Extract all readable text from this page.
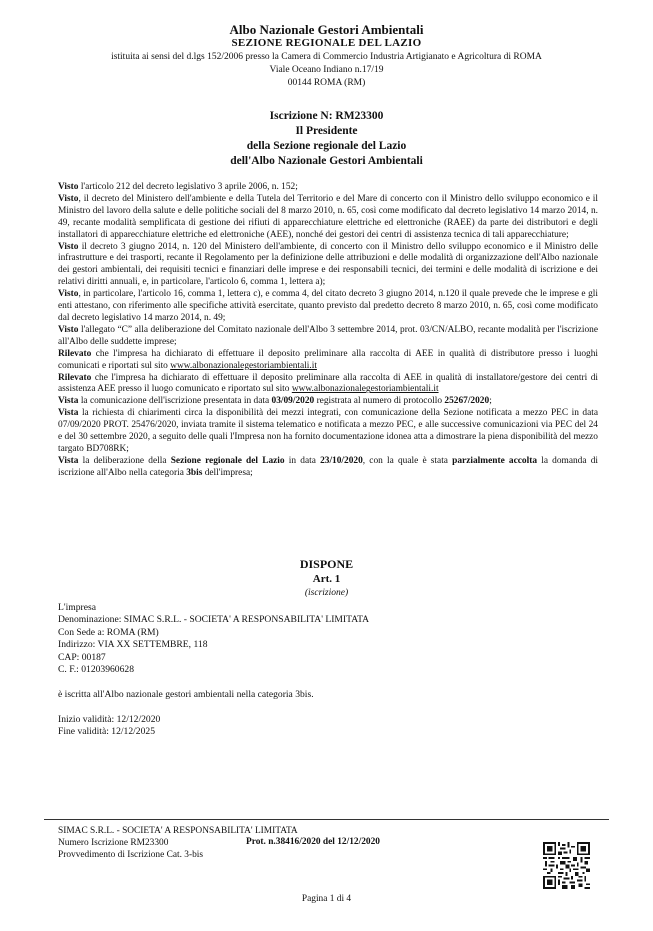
Albo Nazionale Gestori Ambientali
SEZIONE REGIONALE DEL LAZIO
istituita ai sensi del d.lgs 152/2006 presso la Camera di Commercio Industria Artigianato e Agricoltura di ROMA
Viale Oceano Indiano n.17/19
00144 ROMA (RM)
Iscrizione N: RM23300
Il Presidente
della Sezione regionale del Lazio
dell'Albo Nazionale Gestori Ambientali

Visto l'articolo 212 del decreto legislativo 3 aprile 2006, n. 152;

Visto, il decreto del Ministero dell'ambiente e della Tutela del Territorio e del Mare di concerto con il Ministro dello sviluppo economico e il Ministro del lavoro della salute e delle politiche sociali del 8 marzo 2010, n. 65, così come modificato dal decreto legislativo 14 marzo 2014, n. 49, recante modalità semplificata di gestione dei rifiuti di apparecchiature elettriche ed elettroniche (RAEE) da parte dei distributori e degli installatori di apparecchiature elettriche ed elettroniche (AEE), nonché dei gestori dei centri di assistenza tecnica di tali apparecchiature;

Visto il decreto 3 giugno 2014, n. 120 del Ministero dell'ambiente, di concerto con il Ministro dello sviluppo economico e il Ministro delle infrastrutture e dei trasporti, recante il Regolamento per la definizione delle attribuzioni e delle modalità di organizzazione dell'Albo nazionale dei gestori ambientali, dei requisiti tecnici e finanziari delle imprese e dei responsabili tecnici, dei termini e delle modalità di iscrizione e dei relativi diritti annuali, e, in particolare, l'articolo 6, comma 1, lettera a);

Visto, in particolare, l'articolo 16, comma 1, lettera c), e comma 4, del citato decreto 3 giugno 2014, n.120 il quale prevede che le imprese e gli enti attestano, con riferimento alle specifiche attività esercitate, quanto previsto dal predetto decreto 8 marzo 2010, n. 65, così come modificato dal decreto legislativo 14 marzo 2014, n. 49;

Visto l'allegato “C” alla deliberazione del Comitato nazionale dell'Albo 3 settembre 2014, prot. 03/CN/ALBO, recante modalità per l'iscrizione all'Albo delle suddette imprese;

Rilevato che l'impresa ha dichiarato di effettuare il deposito preliminare alla raccolta di AEE in qualità di distributore presso i luoghi comunicati e riportati sul sito www.albonazionalegestoriambientali.it

Rilevato che l'impresa ha dichiarato di effettuare il deposito preliminare alla raccolta di AEE in qualità di installatore/gestore dei centri di assistenza AEE presso il luogo comunicato e riportato sul sito www.albonazionalegestoriambientali.it

Vista la comunicazione dell'iscrizione presentata in data 03/09/2020 registrata al numero di protocollo 25267/2020;

Vista la richiesta di chiarimenti circa la disponibilità dei mezzi integrati, con comunicazione della Sezione notificata a mezzo PEC in data 07/09/2020 PROT. 25476/2020, inviata tramite il sistema telematico e notificata a mezzo PEC, e alle successive comunicazioni via PEC del 24 e del 30 settembre 2020, a seguito delle quali l'Impresa non ha fornito documentazione idonea atta a dimostrare la piena disponibilità del mezzo targato BD708RK;

Vista la deliberazione della Sezione regionale del Lazio in data 23/10/2020, con la quale è stata parzialmente accolta la domanda di iscrizione all'Albo nella categoria 3bis dell'impresa;

DISPONE
Art. 1
(iscrizione)
L'impresa
Denominazione: SIMAC S.R.L. - SOCIETA' A RESPONSABILITA' LIMITATA
Con Sede a: ROMA (RM)
Indirizzo: VIA XX SETTEMBRE, 118
CAP: 00187
C. F.: 01203960628
è iscritta all'Albo nazionale gestori ambientali nella categoria 3bis.
Inizio validità: 12/12/2020
Fine validità: 12/12/2025
SIMAC S.R.L. - SOCIETA' A RESPONSABILITA' LIMITATA
Numero Iscrizione RM23300
Provvedimento di Iscrizione Cat. 3-bis
Prot. n.38416/2020 del 12/12/2020
Pagina 1 di 4
